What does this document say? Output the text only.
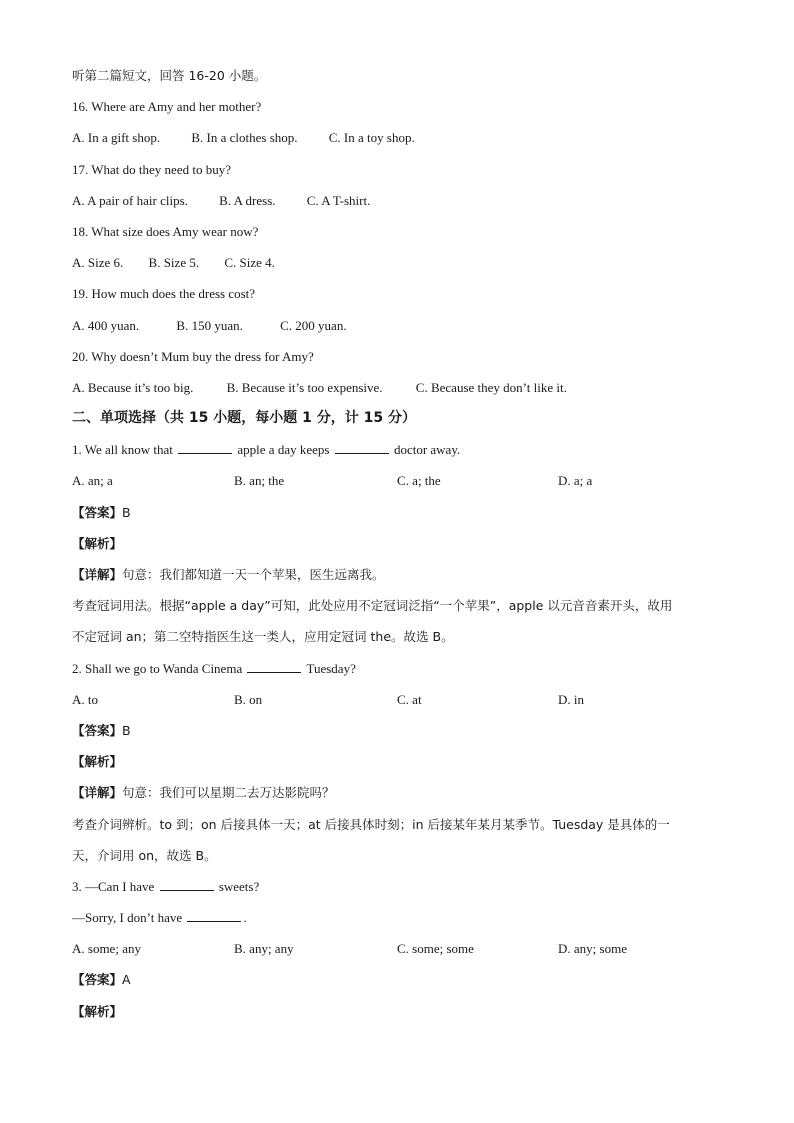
听第二篇短文，回答 16-20 小题。
16. Where are Amy and her mother?
A. In a gift shop. B. In a clothes shop. C. In a toy shop.
17. What do they need to buy?
A. A pair of hair clips. B. A dress. C. A T-shirt.
18. What size does Amy wear now?
A. Size 6. B. Size 5. C. Size 4.
19. How much does the dress cost?
A. 400 yuan.	B. 150 yuan.	C. 200 yuan.
20. Why doesn’t Mum buy the dress for Amy?
A. Because it’s too big.	B. Because it’s too expensive.	C. Because they don’t like it.
二、单项选择（共 15 小题，每小题 1 分，计 15 分）
1. We all know that	apple a day keeps	doctor away.
A. an; a	B. an; the	C. a; the	D. a; a
【答案】B
【解析】
【详解】句意：我们都知道一天一个苹果，医生远离我。
考查冠词用法。根据“apple a day”可知，此处应用不定冠词泛指“一个苹果”，apple 以元音音素开头，故用
不定冠词 an；第二空特指医生这一类人，应用定冠词 the。故选 B。
2. Shall we go to Wanda Cinema	Tuesday?
A. to	B. on	C. at	D. in
【答案】B
【解析】
【详解】句意：我们可以星期二去万达影院吗？
考查介词辨析。to 到；on 后接具体一天；at 后接具体时刻；in 后接某年某月某季节。Tuesday 是具体的一
天，介词用 on，故选 B。
3. —Can I have	sweets?
—Sorry, I don’t have	.
A. some; any	B. any; any	C. some; some	D. any; some
【答案】A
【解析】
